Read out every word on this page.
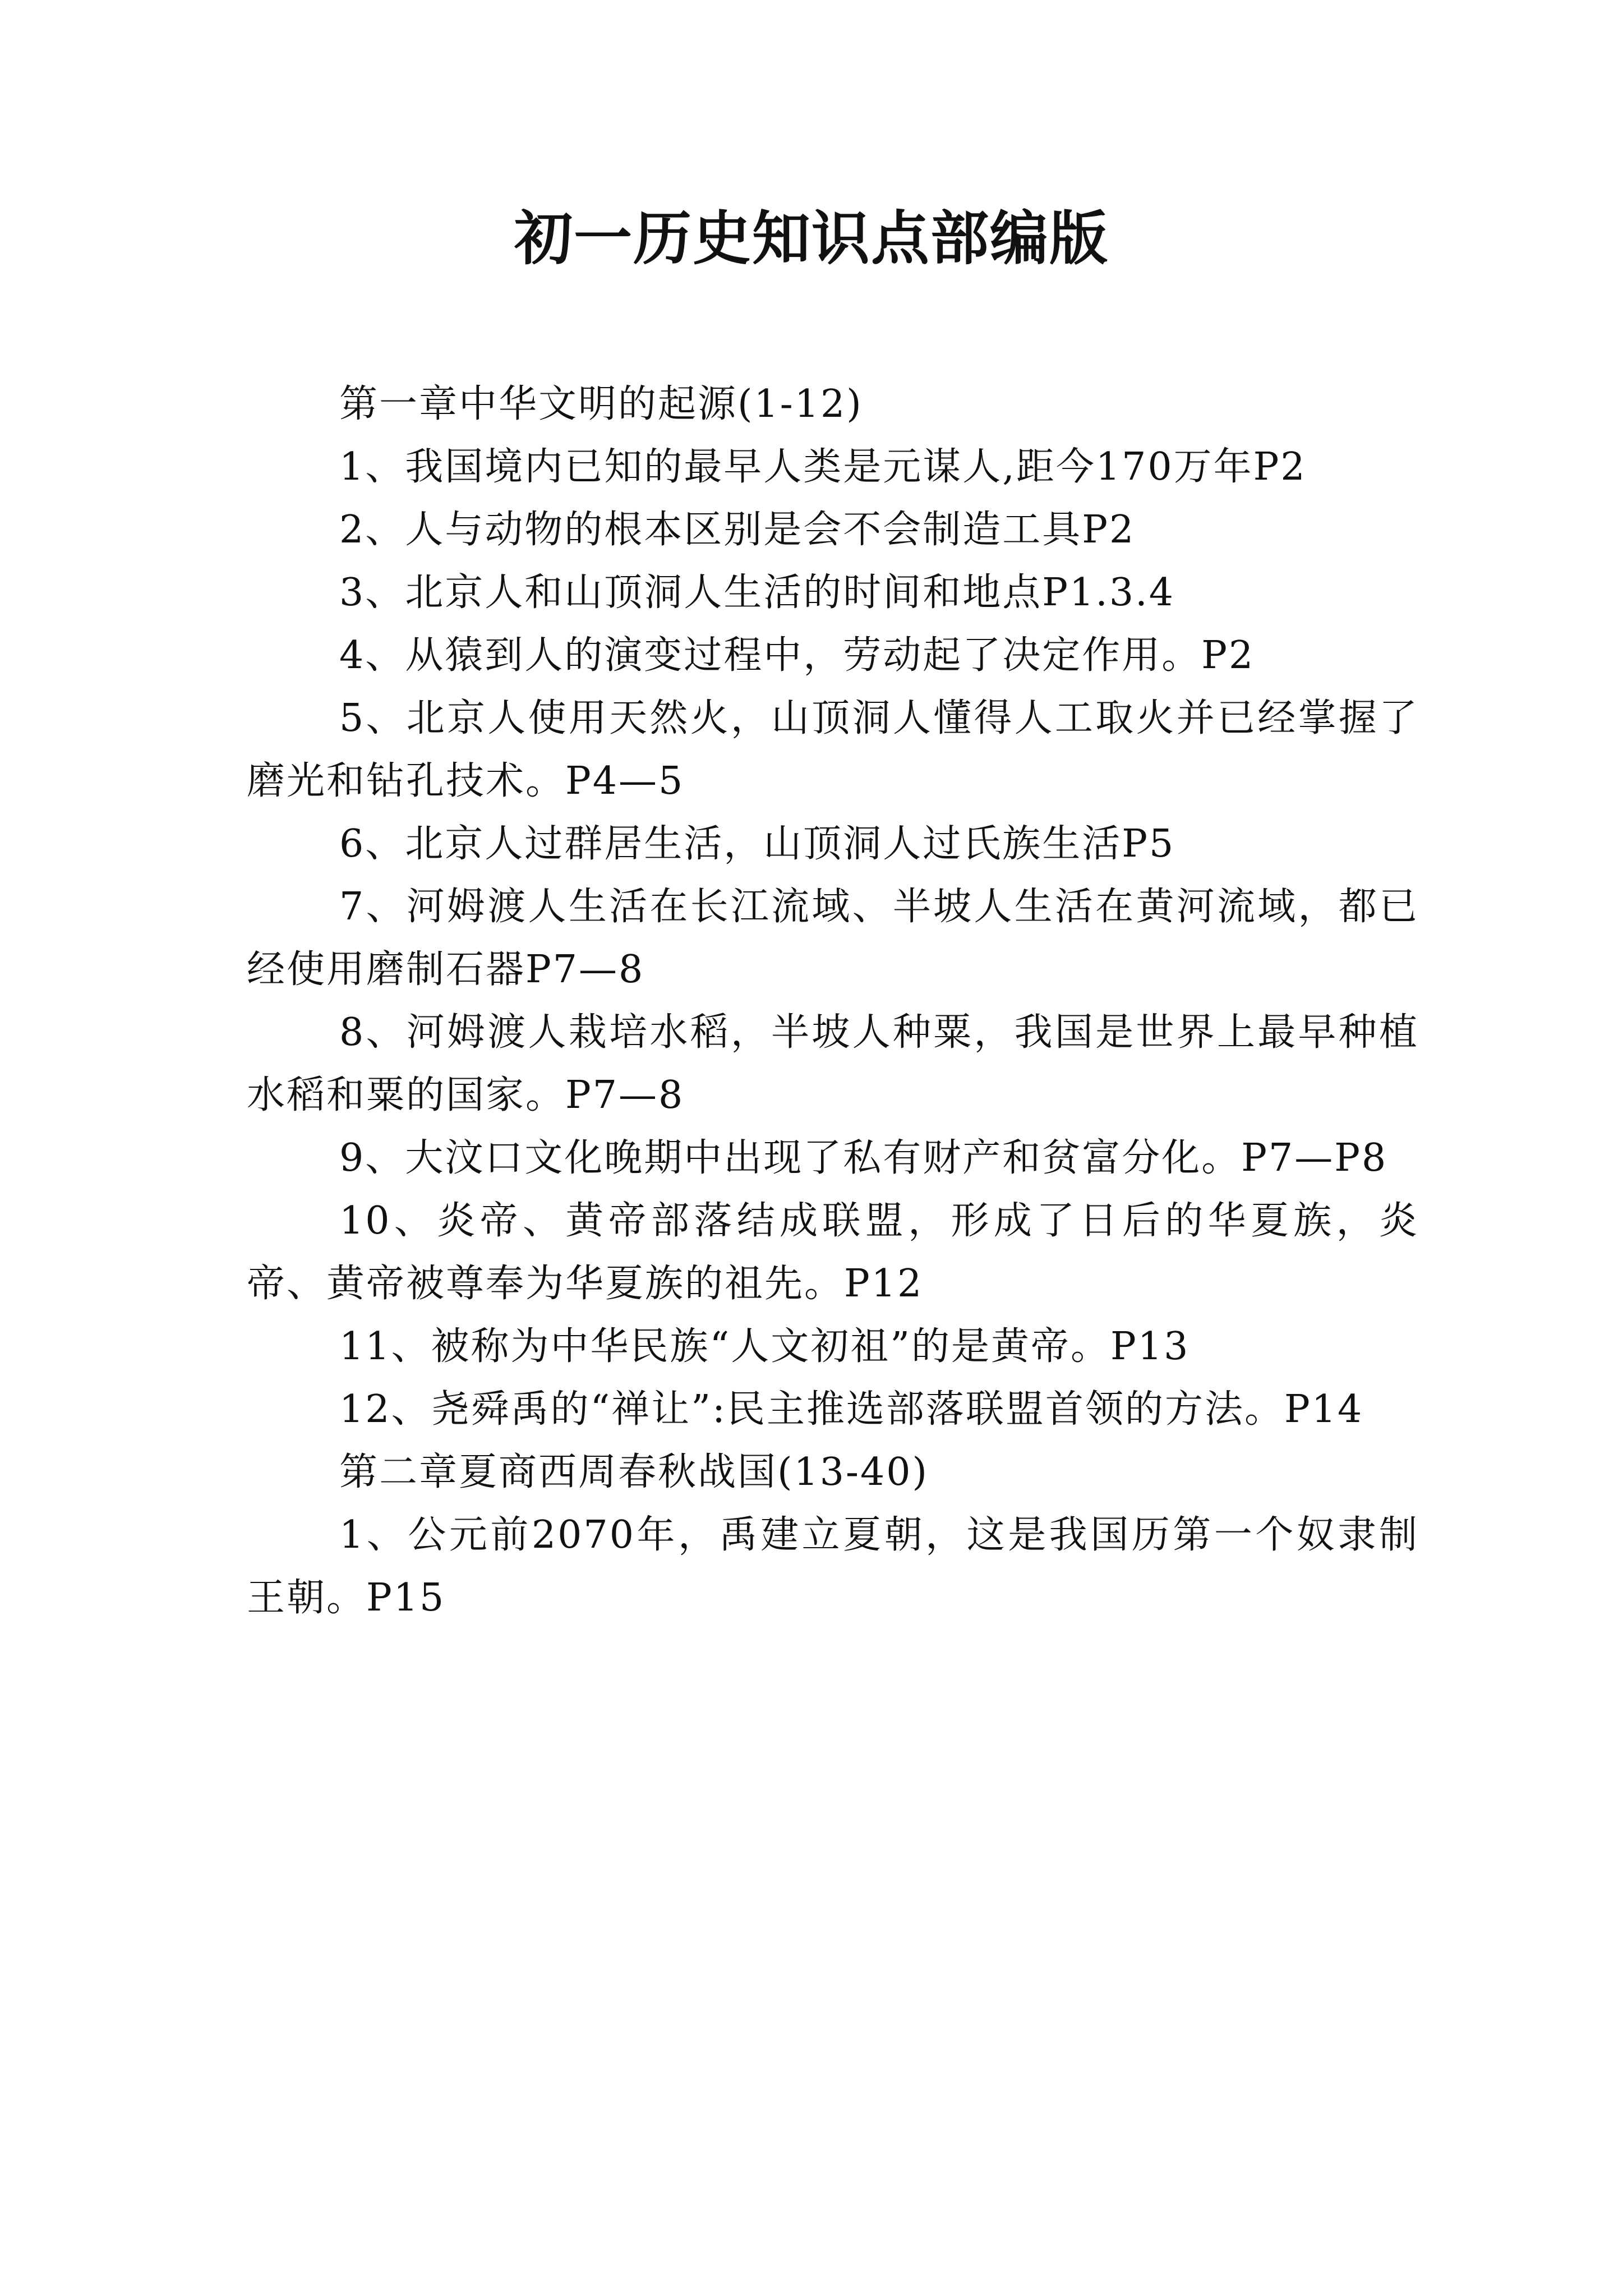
初一历史知识点部编版

第一章中华文明的起源(1-12)

1、我国境内已知的最早人类是元谋人,距今170万年P2

2、人与动物的根本区别是会不会制造工具P2

3、北京人和山顶洞人生活的时间和地点P1.3.4

4、从猿到人的演变过程中，劳动起了决定作用。P2

5、北京人使用天然火，山顶洞人懂得人工取火并已经掌握了磨光和钻孔技术。P4—5

6、北京人过群居生活，山顶洞人过氏族生活P5

7、河姆渡人生活在长江流域、半坡人生活在黄河流域，都已经使用磨制石器P7—8

8、河姆渡人栽培水稻，半坡人种粟，我国是世界上最早种植水稻和粟的国家。P7—8

9、大汶口文化晚期中出现了私有财产和贫富分化。P7—P8

10、炎帝、黄帝部落结成联盟，形成了日后的华夏族，炎帝、黄帝被尊奉为华夏族的祖先。P12

11、被称为中华民族“人文初祖”的是黄帝。P13

12、尧舜禹的“禅让”:民主推选部落联盟首领的方法。P14

第二章夏商西周春秋战国(13-40)

1、公元前2070年，禹建立夏朝，这是我国历第一个奴隶制王朝。P15
